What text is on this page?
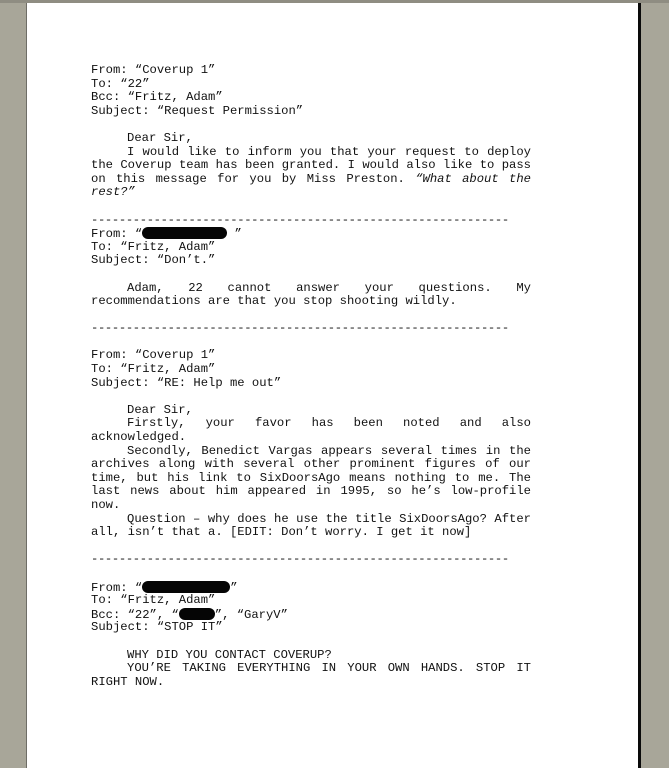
From: “Coverup 1”
To: “22”
Bcc: “Fritz, Adam”
Subject: “Request Permission”
Dear Sir,
I would like to inform you that your request to deploy the Coverup team has been granted. I would also like to pass on this message for you by Miss Preston. “What about the rest?”
------------------------------------------------------------
From: “	”
To: “Fritz, Adam”
Subject: “Don’t.”
Adam, 22 cannot answer your questions. My recommendations are that you stop shooting wildly.
------------------------------------------------------------
From: “Coverup 1”
To: “Fritz, Adam”
Subject: “RE: Help me out”
Dear Sir,
Firstly, your favor has been noted and also acknowledged.
Secondly, Benedict Vargas appears several times in the archives along with several other prominent figures of our time, but his link to SixDoorsAgo means nothing to me. The last news about him appeared in 1995, so he’s low-profile now.
Question – why does he use the title SixDoorsAgo? After all, isn’t that a. [EDIT: Don’t worry. I get it now]
------------------------------------------------------------
From: “	”
To: “Fritz, Adam”
Bcc: “22”, “	”, “GaryV”
Subject: “STOP IT”
WHY DID YOU CONTACT COVERUP?
YOU’RE TAKING EVERYTHING IN YOUR OWN HANDS. STOP IT RIGHT NOW.
